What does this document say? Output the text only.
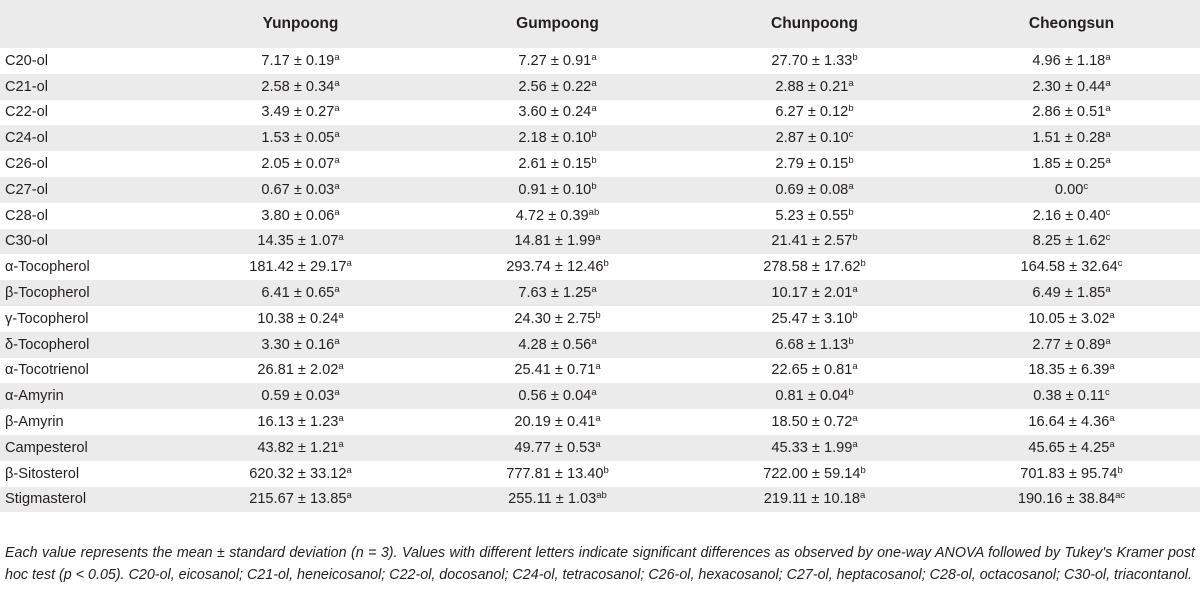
	Yunpoong	Gumpoong	Chunpoong	Cheongsun
C20-ol	7.17 ± 0.19$^a$	7.27 ± 0.91$^a$	27.70 ± 1.33$^b$	4.96 ± 1.18$^a$
C21-ol	2.58 ± 0.34$^a$	2.56 ± 0.22$^a$	2.88 ± 0.21$^a$	2.30 ± 0.44$^a$
C22-ol	3.49 ± 0.27$^a$	3.60 ± 0.24$^a$	6.27 ± 0.12$^b$	2.86 ± 0.51$^a$
C24-ol	1.53 ± 0.05$^a$	2.18 ± 0.10$^b$	2.87 ± 0.10$^c$	1.51 ± 0.28$^a$
C26-ol	2.05 ± 0.07$^a$	2.61 ± 0.15$^b$	2.79 ± 0.15$^b$	1.85 ± 0.25$^a$
C27-ol	0.67 ± 0.03$^a$	0.91 ± 0.10$^b$	0.69 ± 0.08$^a$	0.00$^c$
C28-ol	3.80 ± 0.06$^a$	4.72 ± 0.39$^{ab}$	5.23 ± 0.55$^b$	2.16 ± 0.40$^c$
C30-ol	14.35 ± 1.07$^a$	14.81 ± 1.99$^a$	21.41 ± 2.57$^b$	8.25 ± 1.62$^c$
α-Tocopherol	181.42 ± 29.17$^a$	293.74 ± 12.46$^b$	278.58 ± 17.62$^b$	164.58 ± 32.64$^c$
β-Tocopherol	6.41 ± 0.65$^a$	7.63 ± 1.25$^a$	10.17 ± 2.01$^a$	6.49 ± 1.85$^a$
γ-Tocopherol	10.38 ± 0.24$^a$	24.30 ± 2.75$^b$	25.47 ± 3.10$^b$	10.05 ± 3.02$^a$
δ-Tocopherol	3.30 ± 0.16$^a$	4.28 ± 0.56$^a$	6.68 ± 1.13$^b$	2.77 ± 0.89$^a$
α-Tocotrienol	26.81 ± 2.02$^a$	25.41 ± 0.71$^a$	22.65 ± 0.81$^a$	18.35 ± 6.39$^a$
α-Amyrin	0.59 ± 0.03$^a$	0.56 ± 0.04$^a$	0.81 ± 0.04$^b$	0.38 ± 0.11$^c$
β-Amyrin	16.13 ± 1.23$^a$	20.19 ± 0.41$^a$	18.50 ± 0.72$^a$	16.64 ± 4.36$^a$
Campesterol	43.82 ± 1.21$^a$	49.77 ± 0.53$^a$	45.33 ± 1.99$^a$	45.65 ± 4.25$^a$
β-Sitosterol	620.32 ± 33.12$^a$	777.81 ± 13.40$^b$	722.00 ± 59.14$^b$	701.83 ± 95.74$^b$
Stigmasterol	215.67 ± 13.85$^a$	255.11 ± 1.03$^{ab}$	219.11 ± 10.18$^a$	190.16 ± 38.84$^{ac}$
Each value represents the mean ± standard deviation (n = 3). Values with different letters indicate significant differences as observed by one-way ANOVA followed by Tukey's Kramer post hoc test (p < 0.05). C20-ol, eicosanol; C21-ol, heneicosanol; C22-ol, docosanol; C24-ol, tetracosanol; C26-ol, hexacosanol; C27-ol, heptacosanol; C28-ol, octacosanol; C30-ol, triacontanol.
